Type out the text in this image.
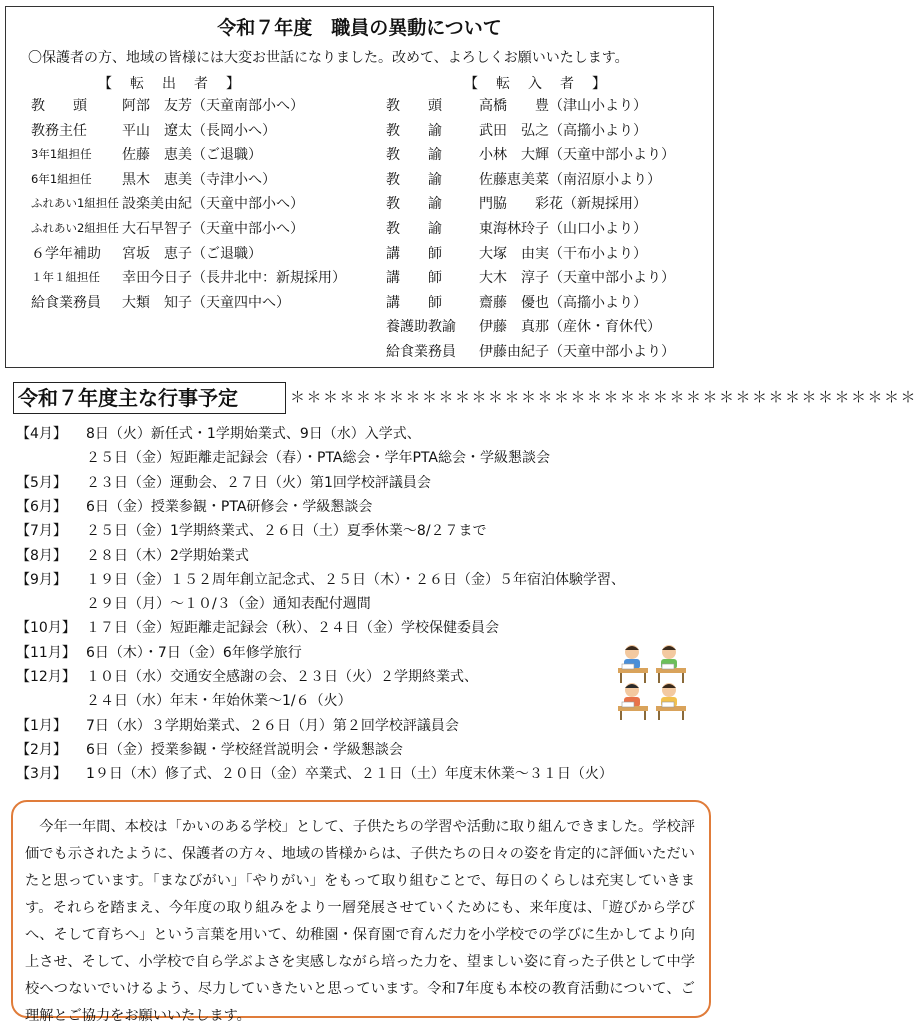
令和７年度　職員の異動について
〇保護者の方、地域の皆様には大変お世話になりました。改めて、よろしくお願いいたします。
【　転　出　者　】	【　転　入　者　】
教　　頭	阿部　友芳（天童南部小へ）
教務主任	平山　遼太（長岡小へ）
3年1組担任 佐藤　恵美（ご退職）
6年1組担任 黒木　恵美（寺津小へ）
ふれあい1組担任 設楽美由紀（天童中部小へ）
ふれあい2組担任 大石早智子（天童中部小へ）
６学年補助 宮坂　恵子（ご退職）
１年１組担任 幸田今日子（長井北中：新規採用）
給食業務員 大類　知子（天童四中へ）
教　　頭	高橋　　豊（津山小より）
教　　諭	武田　弘之（高擶小より）
教　　諭	小林　大輝（天童中部小より）
教　　諭	佐藤恵美菜（南沼原小より）
教　　諭	門脇　　彩花（新規採用）
教　　諭	東海林玲子（山口小より）
講　　師	大塚　由実（干布小より）
講　　師	大木　淳子（天童中部小より）
講　　師	齋藤　優也（高擶小より）
養護助教諭 伊藤　真那（産休・育休代）
給食業務員 伊藤由紀子（天童中部小より）
令和７年度主な行事予定	＊＊＊＊＊＊＊＊＊＊＊＊＊＊＊＊＊＊＊＊＊＊＊＊＊＊＊＊＊＊＊＊＊＊＊＊＊＊
【4月】 8日（火）新任式・1学期始業式、9日（水）入学式、
２５日（金）短距離走記録会（春）・PTA総会・学年PTA総会・学級懇談会
【5月】 ２３日（金）運動会、２７日（火）第1回学校評議員会
【6月】 6日（金）授業参観・PTA研修会・学級懇談会
【7月】 ２５日（金）1学期終業式、２６日（土）夏季休業～8/２７まで
【8月】 ２８日（木）2学期始業式
【9月】 １９日（金）１５２周年創立記念式、２５日（木）・２６日（金）５年宿泊体験学習、
２９日（月）～１０/３（金）通知表配付週間
【10月】 １７日（金）短距離走記録会（秋）、２４日（金）学校保健委員会
【11月】 6日（木）・7日（金）6年修学旅行
【12月】 １０日（水）交通安全感謝の会、２３日（火）２学期終業式、
２４日（水）年末・年始休業～1/６（火）
【1月】 7日（水）３学期始業式、２６日（月）第２回学校評議員会
【2月】 6日（金）授業参観・学校経営説明会・学級懇談会
【3月】 1９日（木）修了式、２０日（金）卒業式、２１日（土）年度末休業～３１日（火）

今年一年間、本校は「かいのある学校」として、子供たちの学習や活動に取り組んできました。学校評価でも示されたように、保護者の方々、地域の皆様からは、子供たちの日々の姿を肯定的に評価いただいたと思っています。「まなびがい」「やりがい」をもって取り組むことで、毎日のくらしは充実していきます。それらを踏まえ、今年度の取り組みをより一層発展させていくためにも、来年度は、「遊びから学びへ、そして育ちへ」という言葉を用いて、幼稚園・保育園で育んだ力を小学校での学びに生かしてより向上させ、そして、小学校で自ら学ぶよさを実感しながら培った力を、望ましい姿に育った子供として中学校へつないでいけるよう、尽力していきたいと思っています。令和7年度も本校の教育活動について、ご理解とご協力をお願いいたします。
